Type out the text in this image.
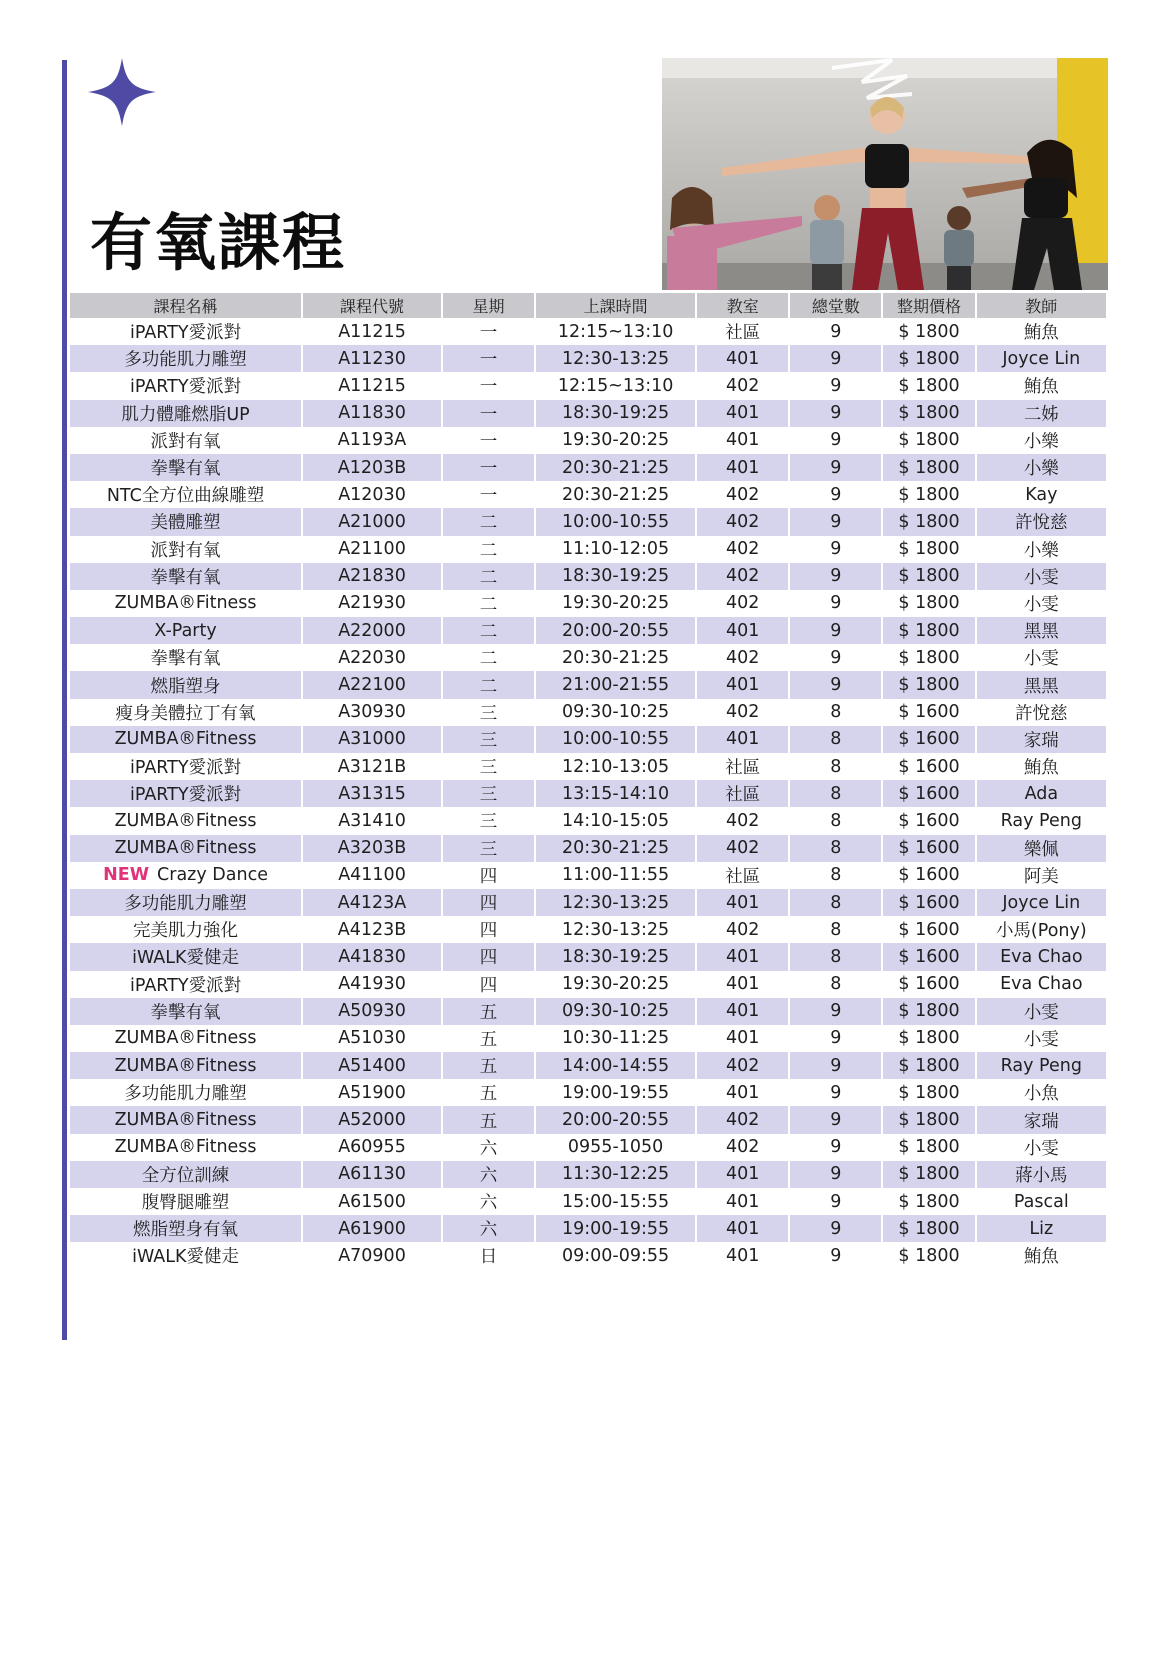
有氧課程
課程名稱	課程代號	星期	上課時間	教室	總堂數	整期價格	教師
iPARTY愛派對	A11215	一	12:15~13:10	社區	9	$ 1800	鮪魚
多功能肌力雕塑	A11230	一	12:30-13:25	401	9	$ 1800	Joyce Lin
iPARTY愛派對	A11215	一	12:15~13:10	402	9	$ 1800	鮪魚
肌力體雕燃脂UP	A11830	一	18:30-19:25	401	9	$ 1800	二姊
派對有氧	A1193A	一	19:30-20:25	401	9	$ 1800	小樂
拳擊有氧	A1203B	一	20:30-21:25	401	9	$ 1800	小樂
NTC全方位曲線雕塑	A12030	一	20:30-21:25	402	9	$ 1800	Kay
美體雕塑	A21000	二	10:00-10:55	402	9	$ 1800	許悅慈
派對有氧	A21100	二	11:10-12:05	402	9	$ 1800	小樂
拳擊有氧	A21830	二	18:30-19:25	402	9	$ 1800	小雯
ZUMBA®Fitness	A21930	二	19:30-20:25	402	9	$ 1800	小雯
X-Party	A22000	二	20:00-20:55	401	9	$ 1800	黑黑
拳擊有氧	A22030	二	20:30-21:25	402	9	$ 1800	小雯
燃脂塑身	A22100	二	21:00-21:55	401	9	$ 1800	黑黑
瘦身美體拉丁有氧	A30930	三	09:30-10:25	402	8	$ 1600	許悅慈
ZUMBA®Fitness	A31000	三	10:00-10:55	401	8	$ 1600	家瑞
iPARTY愛派對	A3121B	三	12:10-13:05	社區	8	$ 1600	鮪魚
iPARTY愛派對	A31315	三	13:15-14:10	社區	8	$ 1600	Ada
ZUMBA®Fitness	A31410	三	14:10-15:05	402	8	$ 1600	Ray Peng
ZUMBA®Fitness	A3203B	三	20:30-21:25	402	8	$ 1600	樂佩
NEW Crazy Dance	A41100	四	11:00-11:55	社區	8	$ 1600	阿美
多功能肌力雕塑	A4123A	四	12:30-13:25	401	8	$ 1600	Joyce Lin
完美肌力強化	A4123B	四	12:30-13:25	402	8	$ 1600	小馬(Pony)
iWALK愛健走	A41830	四	18:30-19:25	401	8	$ 1600	Eva Chao
iPARTY愛派對	A41930	四	19:30-20:25	401	8	$ 1600	Eva Chao
拳擊有氧	A50930	五	09:30-10:25	401	9	$ 1800	小雯
ZUMBA®Fitness	A51030	五	10:30-11:25	401	9	$ 1800	小雯
ZUMBA®Fitness	A51400	五	14:00-14:55	402	9	$ 1800	Ray Peng
多功能肌力雕塑	A51900	五	19:00-19:55	401	9	$ 1800	小魚
ZUMBA®Fitness	A52000	五	20:00-20:55	402	9	$ 1800	家瑞
ZUMBA®Fitness	A60955	六	0955-1050	402	9	$ 1800	小雯
全方位訓練	A61130	六	11:30-12:25	401	9	$ 1800	蔣小馬
腹臀腿雕塑	A61500	六	15:00-15:55	401	9	$ 1800	Pascal
燃脂塑身有氧	A61900	六	19:00-19:55	401	9	$ 1800	Liz
iWALK愛健走	A70900	日	09:00-09:55	401	9	$ 1800	鮪魚
